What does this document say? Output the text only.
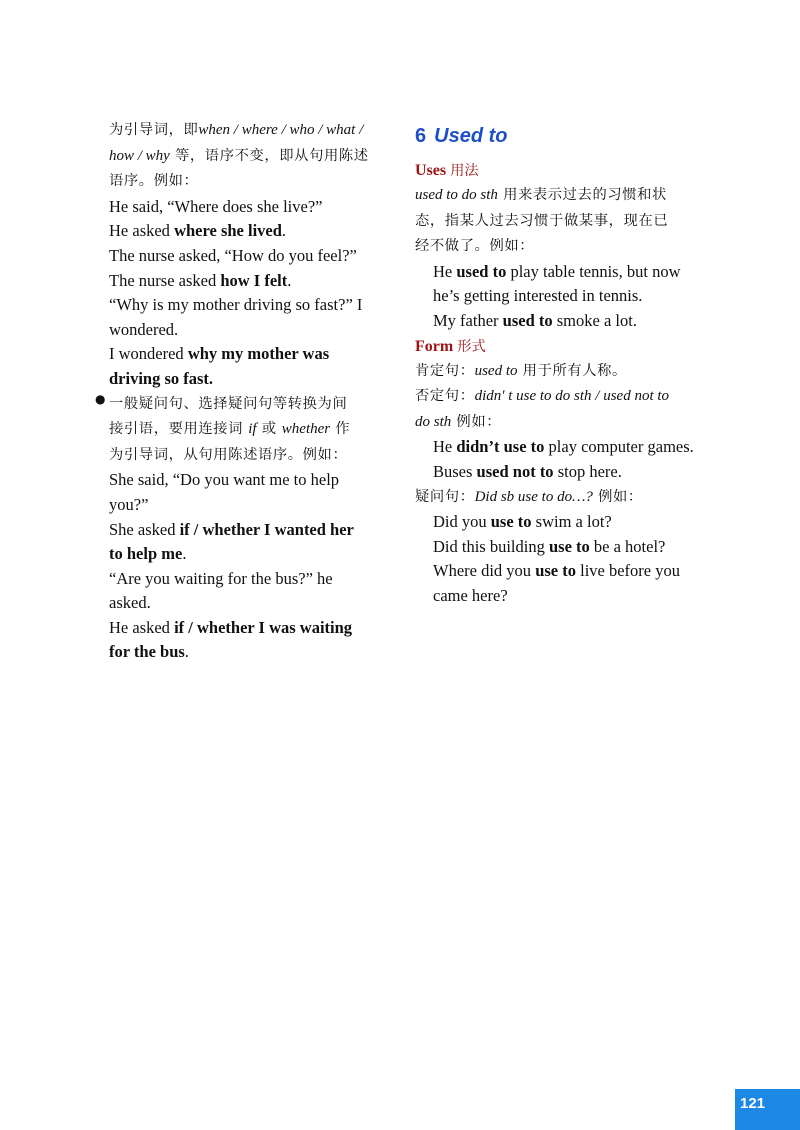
为引导词，即when / where / who / what /
how / why 等，语序不变，即从句用陈述
语序。例如：
He said, “Where does she live?”
He asked where she lived.
The nurse asked, “How do you feel?”
The nurse asked how I felt.
“Why is my mother driving so fast?” I
wondered.
I wondered why my mother was
driving so fast.
● 一般疑问句、选择疑问句等转换为间
接引语，要用连接词 if 或 whether 作
为引导词，从句用陈述语序。例如：
She said, “Do you want me to help
you?”
She asked if / whether I wanted her
to help me.
“Are you waiting for the bus?” he
asked.
He asked if / whether I was waiting
for the bus.
6 Used to
Uses 用法
used to do sth 用来表示过去的习惯和状
态，指某人过去习惯于做某事，现在已
经不做了。例如：
He used to play table tennis, but now
he’s getting interested in tennis.
My father used to smoke a lot.
Form 形式
肯定句：used to 用于所有人称。
否定句：didn' t use to do sth / used not to
do sth 例如：
He didn’t use to play computer games.
Buses used not to stop here.
疑问句：Did sb use to do…? 例如：
Did you use to swim a lot?
Did this building use to be a hotel?
Where did you use to live before you
came here?
121
